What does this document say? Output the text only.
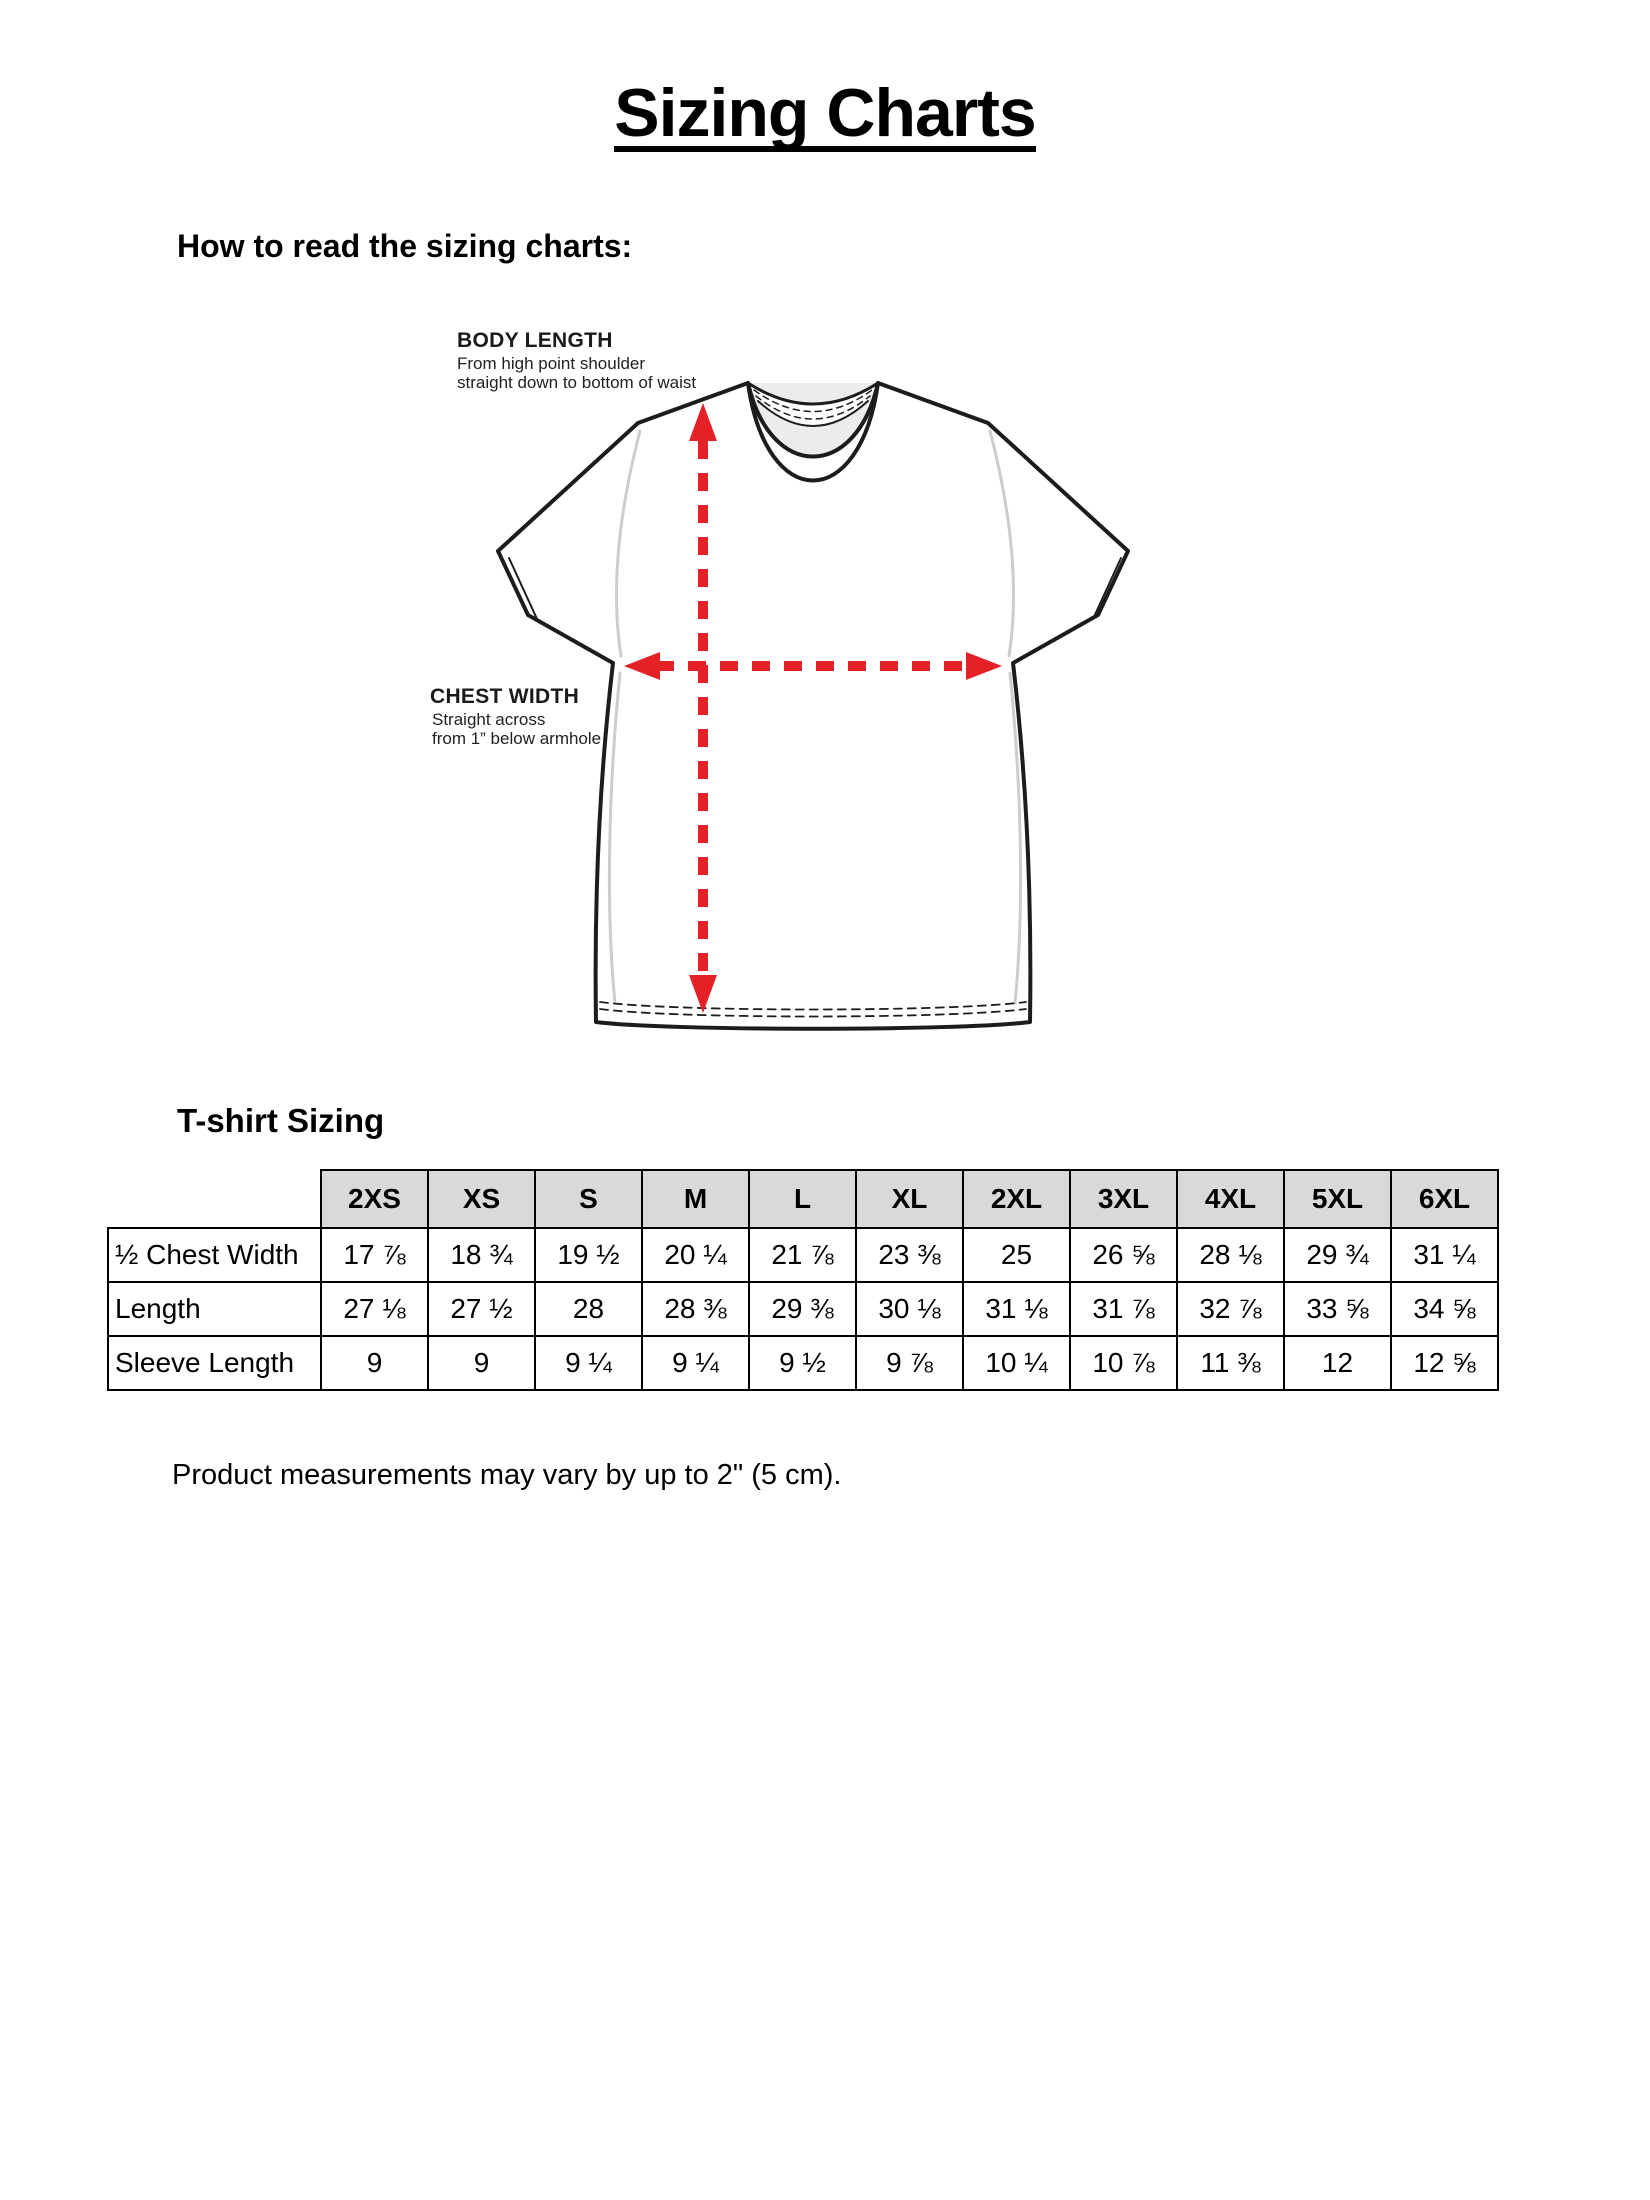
Sizing Charts
How to read the sizing charts:
BODY LENGTH
From high point shoulder
straight down to bottom of waist
CHEST WIDTH
Straight across
from 1” below armhole
T-shirt Sizing
	2XS	XS	S	M	L	XL	2XL	3XL	4XL	5XL	6XL
½ Chest Width	17 ⅞	18 ¾	19 ½	20 ¼	21 ⅞	23 ⅜	25	26 ⅝	28 ⅛	29 ¾	31 ¼
Length	27 ⅛	27 ½	28	28 ⅜	29 ⅜	30 ⅛	31 ⅛	31 ⅞	32 ⅞	33 ⅝	34 ⅝
Sleeve Length	9	9	9 ¼	9 ¼	9 ½	9 ⅞	10 ¼	10 ⅞	11 ⅜	12	12 ⅝
Product measurements may vary by up to 2" (5 cm).
